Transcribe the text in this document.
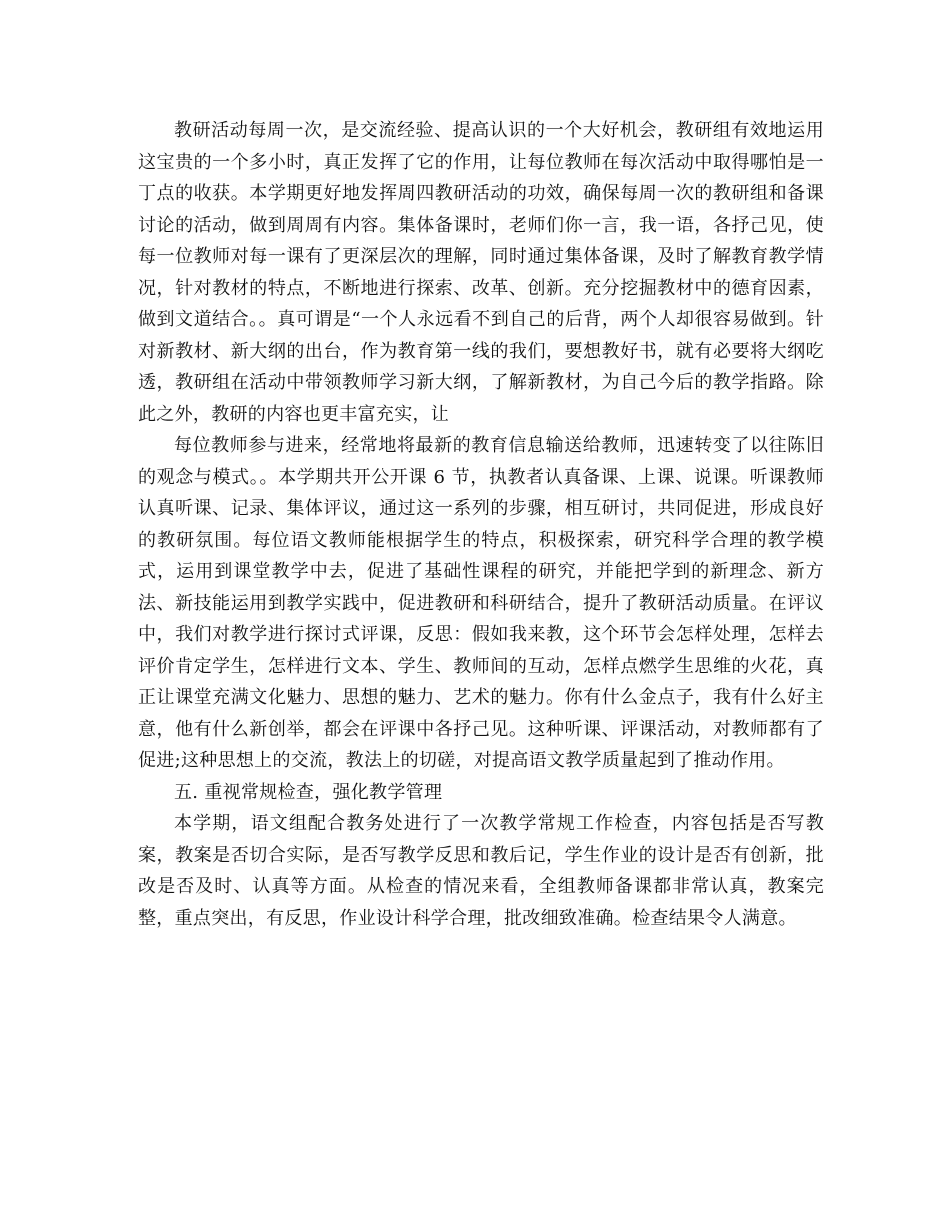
教研活动每周一次，是交流经验、提高认识的一个大好机会，教研组有效地运用这宝贵的一个多小时，真正发挥了它的作用，让每位教师在每次活动中取得哪怕是一丁点的收获。本学期更好地发挥周四教研活动的功效，确保每周一次的教研组和备课讨论的活动，做到周周有内容。集体备课时，老师们你一言，我一语，各抒己见，使每一位教师对每一课有了更深层次的理解，同时通过集体备课，及时了解教育教学情况，针对教材的特点，不断地进行探索、改革、创新。充分挖掘教材中的德育因素，做到文道结合。。真可谓是“一个人永远看不到自己的后背，两个人却很容易做到。针对新教材、新大纲的出台，作为教育第一线的我们，要想教好书，就有必要将大纲吃透，教研组在活动中带领教师学习新大纲，了解新教材，为自己今后的教学指路。除此之外，教研的内容也更丰富充实，让

每位教师参与进来，经常地将最新的教育信息输送给教师，迅速转变了以往陈旧的观念与模式。。本学期共开公开课 6 节，执教者认真备课、上课、说课。听课教师认真听课、记录、集体评议，通过这一系列的步骤，相互研讨，共同促进，形成良好的教研氛围。每位语文教师能根据学生的特点，积极探索，研究科学合理的教学模式，运用到课堂教学中去，促进了基础性课程的研究，并能把学到的新理念、新方法、新技能运用到教学实践中，促进教研和科研结合，提升了教研活动质量。在评议中，我们对教学进行探讨式评课，反思：假如我来教，这个环节会怎样处理，怎样去评价肯定学生，怎样进行文本、学生、教师间的互动，怎样点燃学生思维的火花，真正让课堂充满文化魅力、思想的魅力、艺术的魅力。你有什么金点子，我有什么好主意，他有什么新创举，都会在评课中各抒己见。这种听课、评课活动，对教师都有了促进;这种思想上的交流，教法上的切磋，对提高语文教学质量起到了推动作用。

五. 重视常规检查，强化教学管理

本学期，语文组配合教务处进行了一次教学常规工作检查，内容包括是否写教案，教案是否切合实际，是否写教学反思和教后记，学生作业的设计是否有创新，批改是否及时、认真等方面。从检查的情况来看，全组教师备课都非常认真，教案完整，重点突出，有反思，作业设计科学合理，批改细致准确。检查结果令人满意。
